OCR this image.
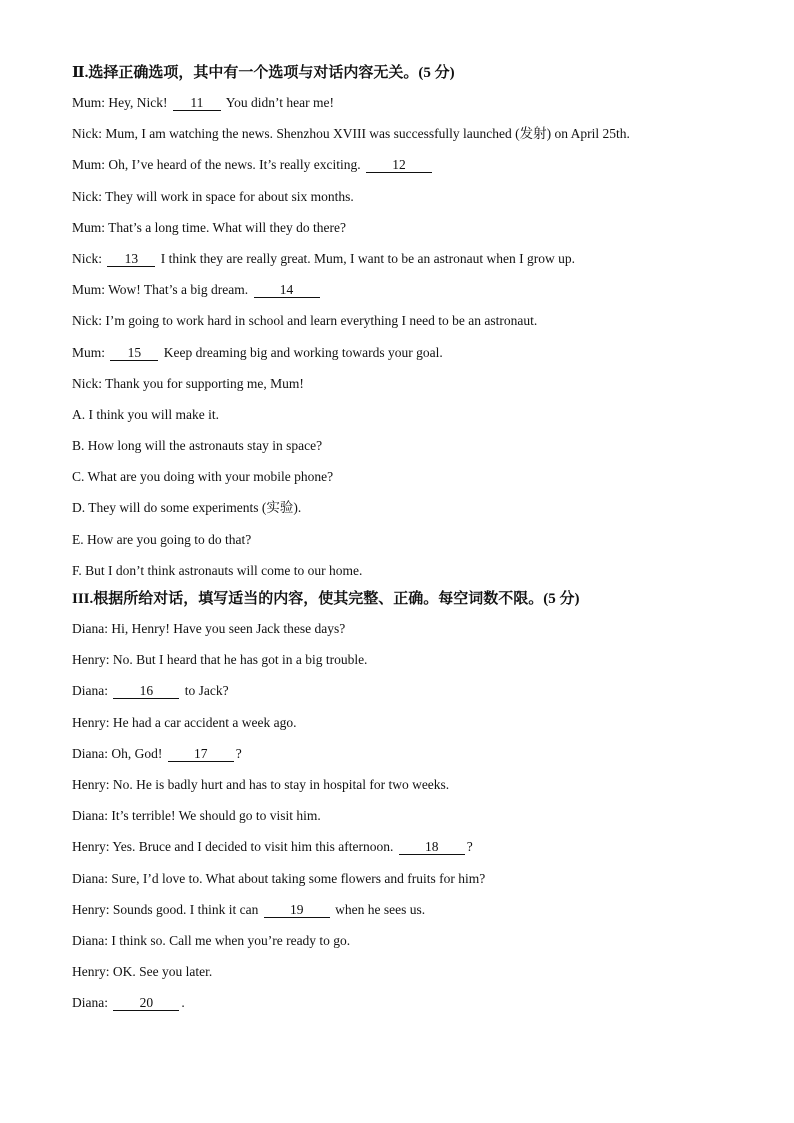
Ⅱ.选择正确选项，其中有一个选项与对话内容无关。(5 分)
Mum: Hey, Nick! 11 You didn’t hear me!
Nick: Mum, I am watching the news. Shenzhou XVIII was successfully launched (发射) on April 25th.
Mum: Oh, I’ve heard of the news. It’s really exciting. 12
Nick: They will work in space for about six months.
Mum: That’s a long time. What will they do there?
Nick: 13 I think they are really great. Mum, I want to be an astronaut when I grow up.
Mum: Wow! That’s a big dream. 14
Nick: I’m going to work hard in school and learn everything I need to be an astronaut.
Mum: 15 Keep dreaming big and working towards your goal.
Nick: Thank you for supporting me, Mum!
A. I think you will make it.
B. How long will the astronauts stay in space?
C. What are you doing with your mobile phone?
D. They will do some experiments (实验).
E. How are you going to do that?
F. But I don’t think astronauts will come to our home.
III.根据所给对话，填写适当的内容，使其完整、正确。每空词数不限。(5 分)
Diana: Hi, Henry! Have you seen Jack these days?
Henry: No. But I heard that he has got in a big trouble.
Diana: 16 to Jack?
Henry: He had a car accident a week ago.
Diana: Oh, God! 17 ?
Henry: No. He is badly hurt and has to stay in hospital for two weeks.
Diana: It’s terrible! We should go to visit him.
Henry: Yes. Bruce and I decided to visit him this afternoon. 18 ?
Diana: Sure, I’d love to. What about taking some flowers and fruits for him?
Henry: Sounds good. I think it can 19 when he sees us.
Diana: I think so. Call me when you’re ready to go.
Henry: OK. See you later.
Diana: 20 .
